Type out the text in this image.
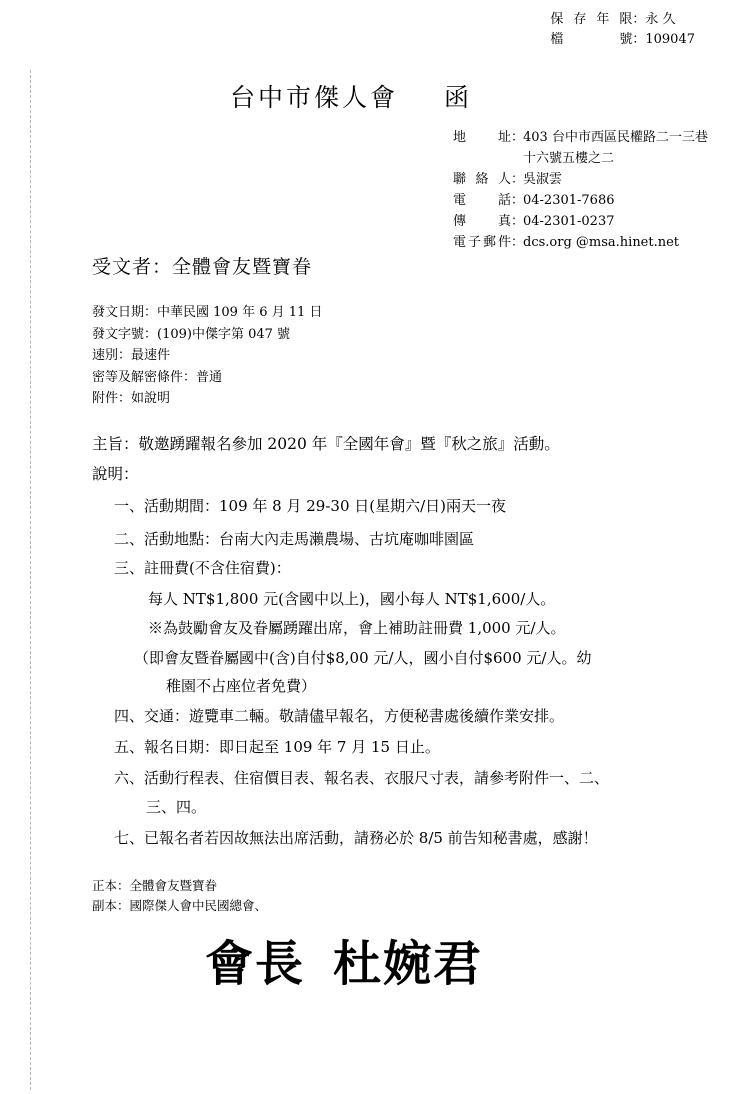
保存年限 ： 永 久
檔 號 ： 109047
台中市傑人會 函
地 址 ：
403 台中市西區民權路二一三巷
十六號五樓之二
聯 絡 人 ：
吳淑雲
電 話 ：
04-2301-7686
傳 真 ：
04-2301-0237
電子郵件 ：
dcs.org @msa.hinet.net
受文者：全體會友暨寶眷
發文日期：中華民國 109 年 6 月 11 日
發文字號：(109)中傑字第 047 號
速別：最速件
密等及解密條件：普通
附件：如說明
主旨：敬邀踴躍報名參加 2020 年『全國年會』暨『秋之旅』活動。
說明：
一、活動期間：109 年 8 月 29-30 日(星期六/日)兩天一夜
二、活動地點：台南大內走馬瀨農場、古坑庵咖啡園區
三、註冊費(不含住宿費)：
每人 NT$1,800 元(含國中以上)，國小每人 NT$1,600/人。
※為鼓勵會友及眷屬踴躍出席，會上補助註冊費 1,000 元/人。
（即會友暨眷屬國中(含)自付$8,00 元/人，國小自付$600 元/人。幼
稚園不占座位者免費）
四、交通：遊覽車二輛。敬請儘早報名，方便秘書處後續作業安排。
五、報名日期：即日起至 109 年 7 月 15 日止。
六、活動行程表、住宿價目表、報名表、衣服尺寸表，請參考附件一、二、
三、四。
七、已報名者若因故無法出席活動，請務必於 8/5 前告知秘書處，感謝！
正本：全體會友暨寶眷
副本：國際傑人會中民國總會、
會長 杜婉君
